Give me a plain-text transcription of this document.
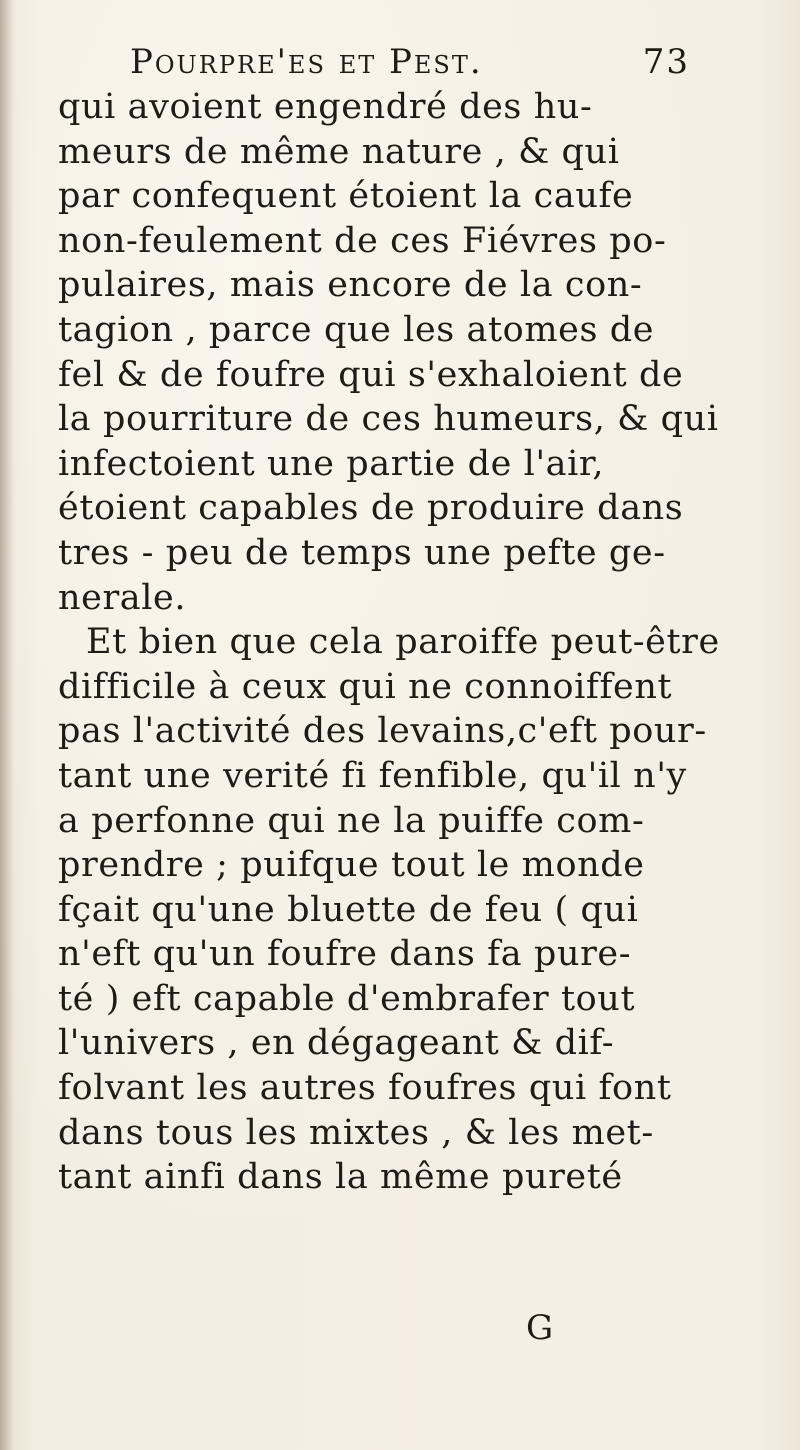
Pourpre'es et Pest.	73
qui avoient engendré des hu-
meurs de même nature , & qui
par confequent étoient la caufe
non-feulement de ces Fiévres po-
pulaires, mais encore de la con-
tagion , parce que les atomes de
fel & de foufre qui s'exhaloient de
la pourriture de ces humeurs, & qui
infectoient une partie de l'air,
étoient capables de produire dans
tres - peu de temps une pefte ge-
nerale.
Et bien que cela paroiffe peut-être
difficile à ceux qui ne connoiffent
pas l'activité des levains,c'eft pour-
tant une verité fi fenfible, qu'il n'y
a perfonne qui ne la puiffe com-
prendre ; puifque tout le monde
fçait qu'une bluette de feu ( qui
n'eft qu'un foufre dans fa pure-
té ) eft capable d'embrafer tout
l'univers , en dégageant & dif-
folvant les autres foufres qui font
dans tous les mixtes , & les met-
tant ainfi dans la même pureté
G
